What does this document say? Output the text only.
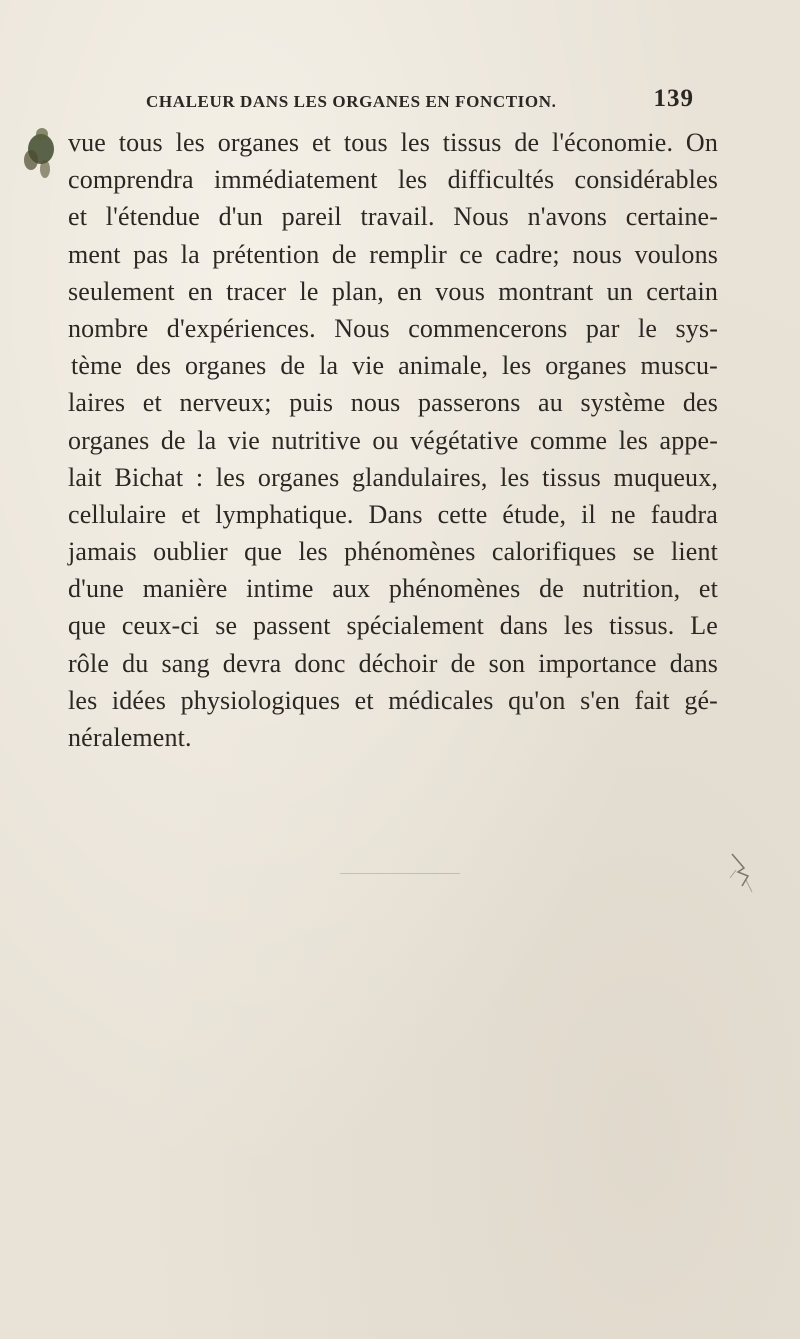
CHALEUR DANS LES ORGANES EN FONCTION.	139
vue tous les organes et tous les tissus de l'économie. On
comprendra immédiatement les difficultés considérables
et l'étendue d'un pareil travail. Nous n'avons certaine-
ment pas la prétention de remplir ce cadre; nous voulons
seulement en tracer le plan, en vous montrant un certain
nombre d'expériences. Nous commencerons par le sys-
tème des organes de la vie animale, les organes muscu-
laires et nerveux; puis nous passerons au système des
organes de la vie nutritive ou végétative comme les appe-
lait Bichat : les organes glandulaires, les tissus muqueux,
cellulaire et lymphatique. Dans cette étude, il ne faudra
jamais oublier que les phénomènes calorifiques se lient
d'une manière intime aux phénomènes de nutrition, et
que ceux-ci se passent spécialement dans les tissus. Le
rôle du sang devra donc déchoir de son importance dans
les idées physiologiques et médicales qu'on s'en fait gé-
néralement.
